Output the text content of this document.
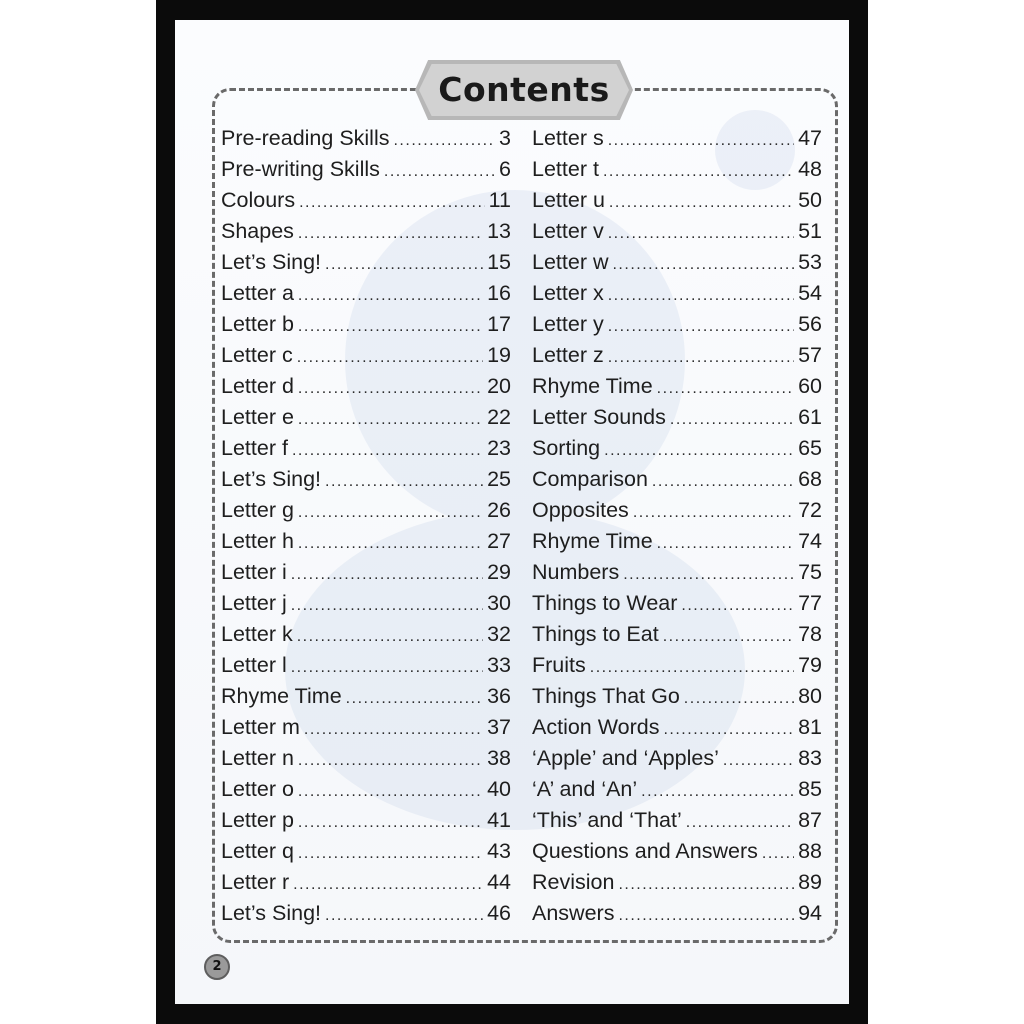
Contents
Pre-reading Skills .....	3
Pre-writing Skills .....	6
Colours .....	11
Shapes .....	13
Let’s Sing! .....	15
Letter a .....	16
Letter b .....	17
Letter c .....	19
Letter d .....	20
Letter e .....	22
Letter f .....	23
Let’s Sing! .....	25
Letter g .....	26
Letter h .....	27
Letter i .....	29
Letter j .....	30
Letter k .....	32
Letter l .....	33
Rhyme Time .....	36
Letter m .....	37
Letter n .....	38
Letter o .....	40
Letter p .....	41
Letter q .....	43
Letter r .....	44
Let’s Sing! .....	46
Letter s .....	47
Letter t .....	48
Letter u .....	50
Letter v .....	51
Letter w .....	53
Letter x .....	54
Letter y .....	56
Letter z .....	57
Rhyme Time .....	60
Letter Sounds .....	61
Sorting .....	65
Comparison .....	68
Opposites .....	72
Rhyme Time .....	74
Numbers .....	75
Things to Wear .....	77
Things to Eat .....	78
Fruits .....	79
Things That Go .....	80
Action Words .....	81
‘Apple’ and ‘Apples’ .....	83
‘A’ and ‘An’ .....	85
‘This’ and ‘That’ .....	87
Questions and Answers ..... 88
Revision .....	89
Answers .....	94
2
